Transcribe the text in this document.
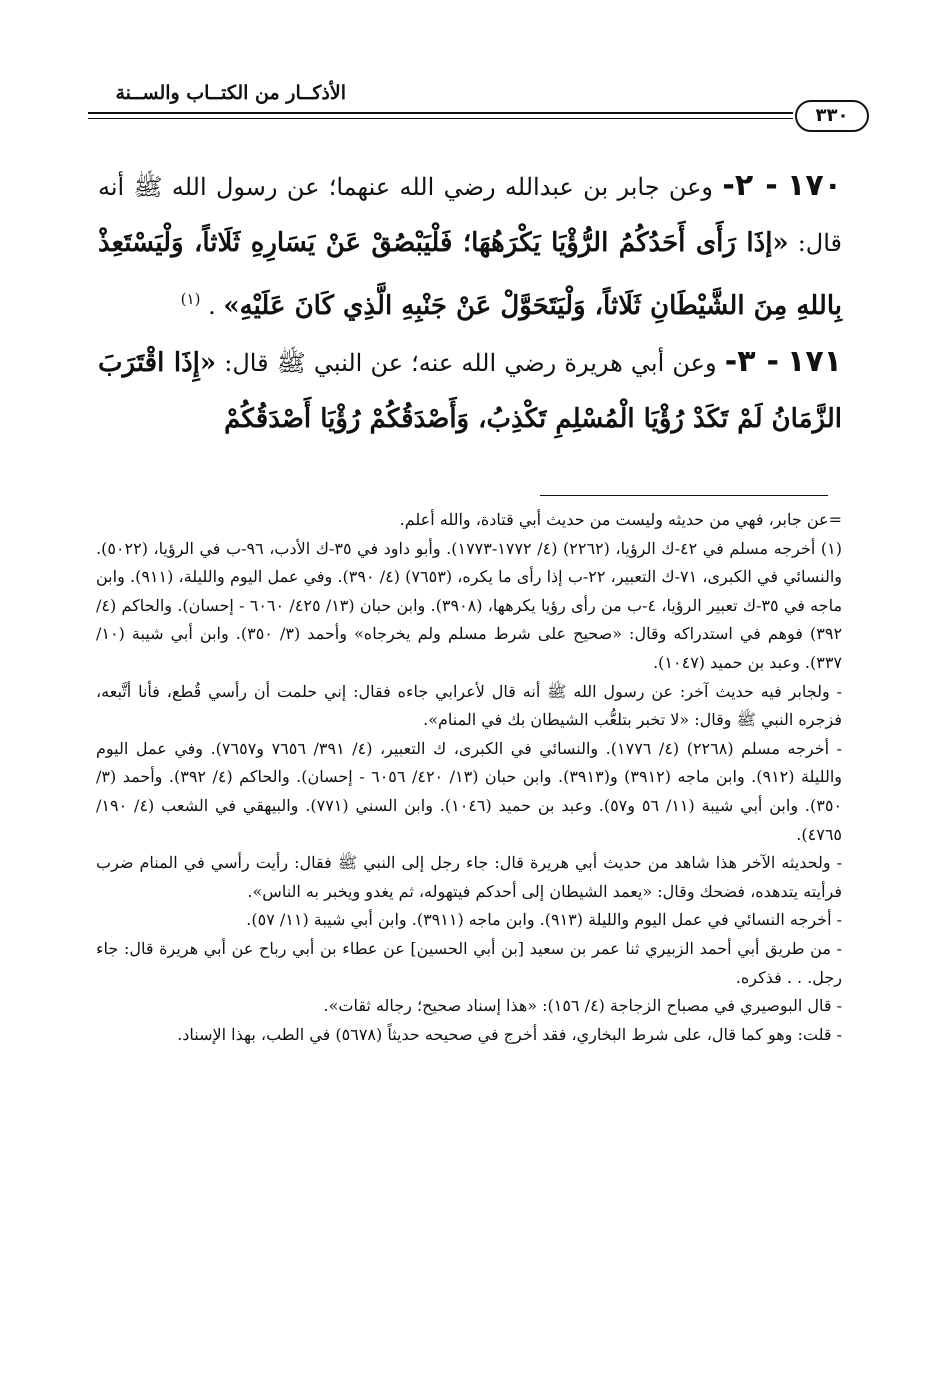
الأذكــار من الكتــاب والســنة
٣٣٠

١٧٠ - ٢- وعن جابر بن عبدالله رضي الله عنهما؛ عن رسول الله ﷺ أنه قال: «إذَا رَأَى أَحَدُكُمُ الرُّؤْيَا يَكْرَهُهَا؛ فَلْيَبْصُقْ عَنْ يَسَارِهِ ثَلَاثاً، وَلْيَسْتَعِذْ بِاللهِ مِنَ الشَّيْطَانِ ثَلَاثاً، وَلْيَتَحَوَّلْ عَنْ جَنْبِهِ الَّذِي كَانَ عَلَيْهِ» . $^{(١)}$

١٧١ - ٣- وعن أبي هريرة رضي الله عنه؛ عن النبي ﷺ قال: «إِذَا اقْتَرَبَ الزَّمَانُ لَمْ تَكَدْ رُؤْيَا الْمُسْلِمِ تَكْذِبُ، وَأَصْدَقُكُمْ رُؤْيَا أَصْدَقُكُمْ

=عن جابر، فهي من حديثه وليست من حديث أبي قتادة، والله أعلم.

(١) أخرجه مسلم في ٤٢-ك الرؤيا، (٢٢٦٢) (٤/ ١٧٧٢-١٧٧٣). وأبو داود في ٣٥-ك الأدب، ٩٦-ب في الرؤيا، (٥٠٢٢). والنسائي في الكبرى، ٧١-ك التعبير، ٢٢-ب إذا رأى ما يكره، (٧٦٥٣) (٤/ ٣٩٠). وفي عمل اليوم والليلة، (٩١١). وابن ماجه في ٣٥-ك تعبير الرؤيا، ٤-ب من رأى رؤيا يكرهها، (٣٩٠٨). وابن حبان (١٣/ ٤٢٥/ ٦٠٦٠ - إحسان). والحاكم (٤/ ٣٩٢) فوهم في استدراكه وقال: «صحيح على شرط مسلم ولم يخرجاه» وأحمد (٣/ ٣٥٠). وابن أبي شيبة (١٠/ ٣٣٧). وعبد بن حميد (١٠٤٧).

- ولجابر فيه حديث آخر: عن رسول الله ﷺ أنه قال لأعرابي جاءه فقال: إني حلمت أن رأسي قُطع، فأنا أتَّبعه، فزجره النبي ﷺ وقال: «لا تخبر بتلعُّب الشيطان بك في المنام».

- أخرجه مسلم (٢٢٦٨) (٤/ ١٧٧٦). والنسائي في الكبرى، ك التعبير، (٤/ ٣٩١/ ٧٦٥٦ و٧٦٥٧). وفي عمل اليوم والليلة (٩١٢). وابن ماجه (٣٩١٢) و(٣٩١٣). وابن حبان (١٣/ ٤٢٠/ ٦٠٥٦ - إحسان). والحاكم (٤/ ٣٩٢). وأحمد (٣/ ٣٥٠). وابن أبي شيبة (١١/ ٥٦ و٥٧). وعبد بن حميد (١٠٤٦). وابن السني (٧٧١). والبيهقي في الشعب (٤/ ١٩٠/ ٤٧٦٥).

- ولحديثه الآخر هذا شاهد من حديث أبي هريرة قال: جاء رجل إلى النبي ﷺ فقال: رأيت رأسي في المنام ضرب فرأيته يتدهده، فضحك وقال: «يعمد الشيطان إلى أحدكم فيتهوله، ثم يغدو ويخبر به الناس».

- أخرجه النسائي في عمل اليوم والليلة (٩١٣). وابن ماجه (٣٩١١). وابن أبي شيبة (١١/ ٥٧).

- من طريق أبي أحمد الزبيري ثنا عمر بن سعيد [بن أبي الحسين] عن عطاء بن أبي رباح عن أبي هريرة قال: جاء رجل. . . فذكره.

- قال البوصيري في مصباح الزجاجة (٤/ ١٥٦): «هذا إسناد صحيح؛ رجاله ثقات».

- قلت: وهو كما قال، على شرط البخاري، فقد أخرج في صحيحه حديثاً (٥٦٧٨) في الطب، بهذا الإسناد.
